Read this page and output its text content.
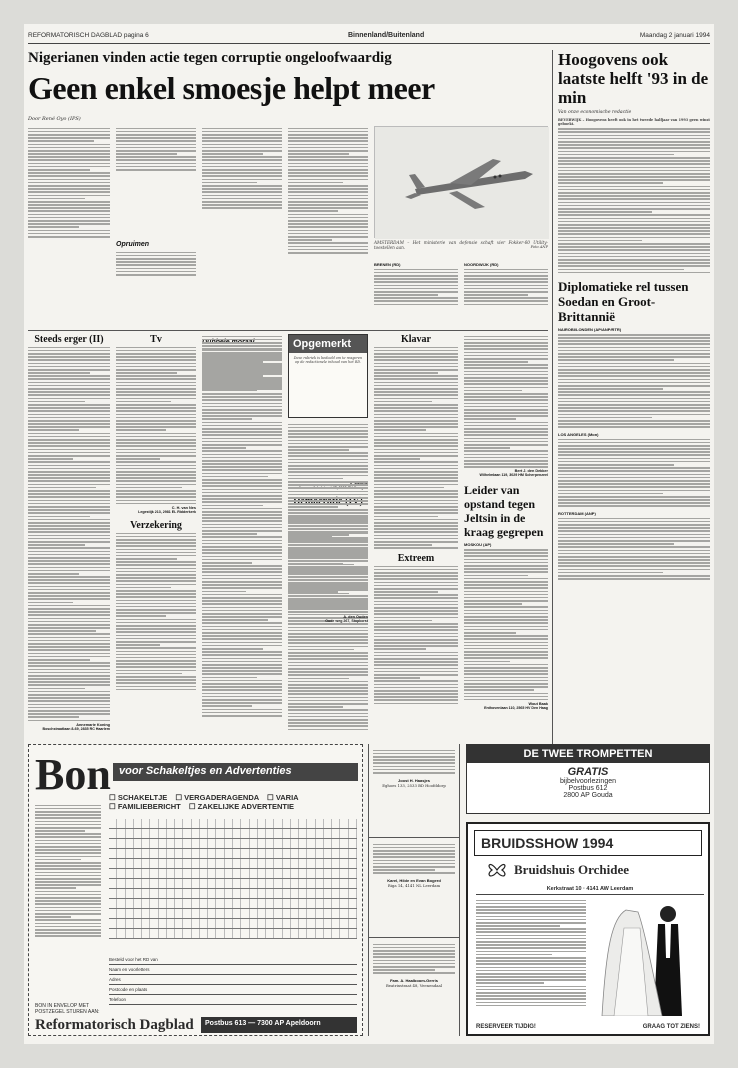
REFORMATORISCH DAGBLAD pagina 6	Binnenland/Buitenland	Maandag 2 januari 1994
Nigerianen vinden actie tegen corruptie ongeloofwaardig
Geen enkel smoesje helpt meer
Door René Oyo (IPS)
Opruimen	AMSTERDAM – Het ministerie van defensie schaft vier Fokker-60 Utility-toestellen aan.	Foto ANP
BRENEN (RD)	NOORDWIJK (RD)
Hoogovens ook laatste helft '93 in de min
Van onze economische redactie
BEVERWIJK – Hoogovens heeft ook in het tweede halfjaar van 1993 geen winst geboekt.
Diplomatieke rel tussen Soedan en Groot-Brittannië
NAIROBI/LONDEN (AP/ANP/RTR)
LOS ANGELES (Mon)
ROTTERDAM (ANP)
Steeds erger (II)
Annemarie Koning
Boschstraatlaan 8-69, 2835 RC Haarlem
Tv
C. H. van Nes
Legestijk 213, 2981 EL Ridderkerk
Verzekering
Opgemerkt
Deze rubriek is bedoeld om te reageren op de redactionele inhoud van het RD.
A. den Ouden
Oude weg 267, Stapkorst
Klavar
Extreem
Bert J. den Dekker
Wilhelmlaan 119, 3029 HM Scherpenzeel
Leider van opstand tegen Jeltsin in de kraag gegrepen
MOSKOU (AP)
Wout Baak
Enthovenlaan 110, 2565 HV Den Haag
Bon voor Schakeltjes en Advertenties
☐ SCHAKELTJE ☐ VERGADERAGENDA ☐ VARIA
☐ FAMILIEBERICHT ☐ ZAKELIJKE ADVERTENTIE
Besteld voor het RD van
Naam en voorletters
Adres
Postcode en plaats
Telefoon
BON IN ENVELOP MET POSTZEGEL STUREN AAN:
Reformatorisch Dagblad	Postbus 613 — 7300 AP Apeldoorn
Joost H. Haasjes
Eghoes 133, 2533 BD Hoofddorp
Karel, Hilde en Evan Bogerd
Riga 14, 4141 NL Leerdam
Fam. A. Haalboom-Gerris
Beatrixstraat 48, Veenendaal
DE TWEE TROMPETTEN
GRATIS
bijbelvoorlezingen
Postbus 612
2800 AP Gouda
BRUIDSSHOW 1994
Bruidshuis Orchidee
Kerkstraat 10 · 4141 AW Leerdam
RESERVEER TIJDIG!	GRAAG TOT ZIENS!
